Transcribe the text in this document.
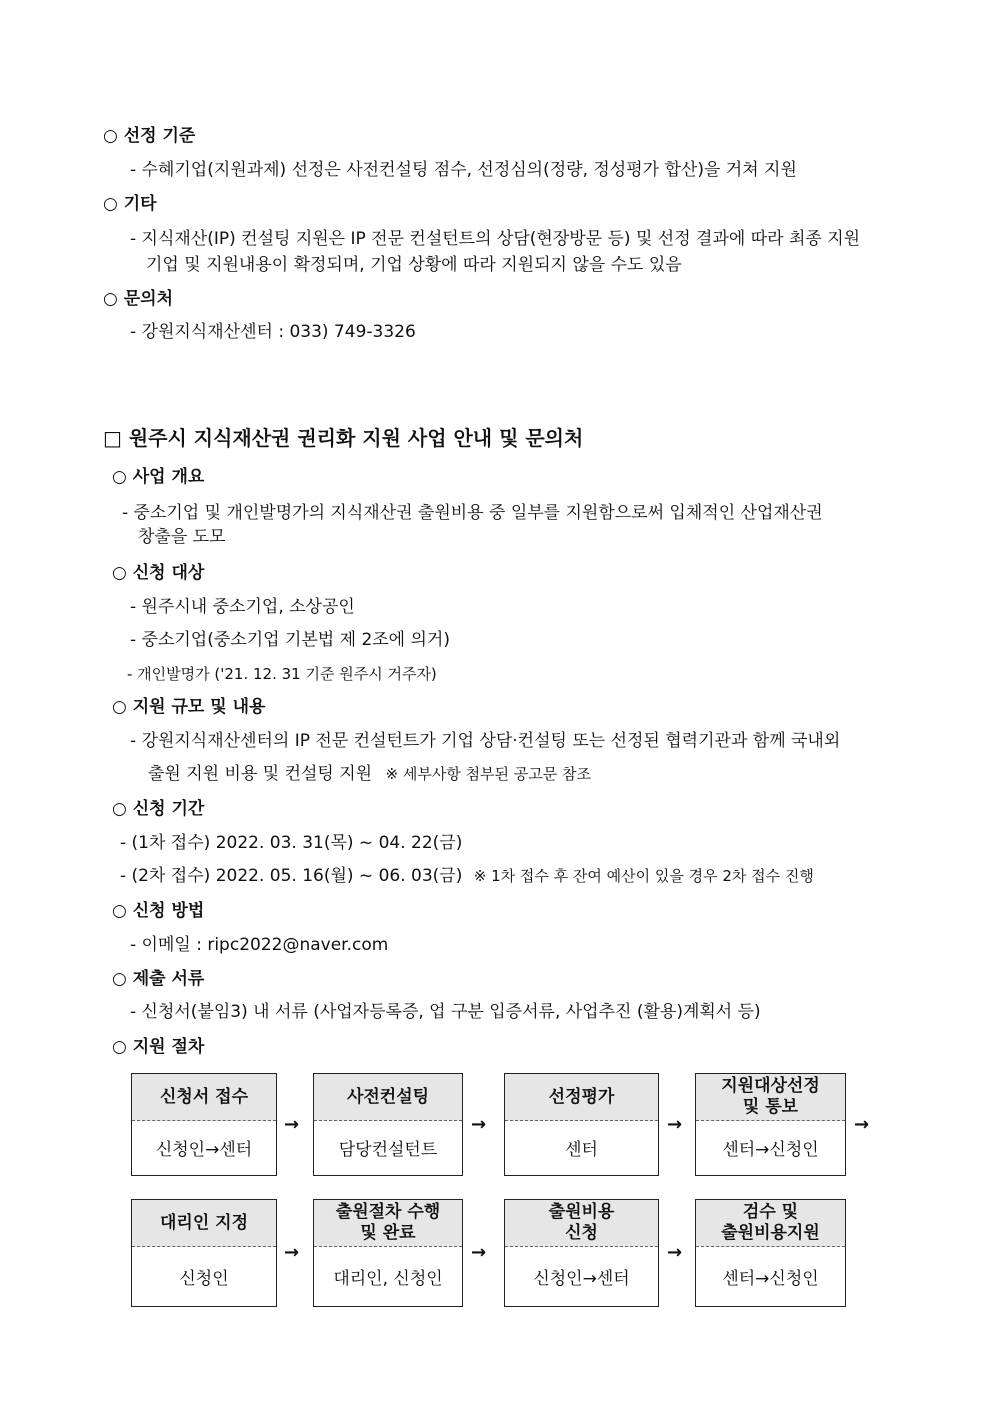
○ 선정 기준
- 수혜기업(지원과제) 선정은 사전컨설팅 점수, 선정심의(정량, 정성평가 합산)을 거쳐 지원
○ 기타
- 지식재산(IP) 컨설팅 지원은 IP 전문 컨설턴트의 상담(현장방문 등) 및 선정 결과에 따라 최종 지원
기업 및 지원내용이 확정되며, 기업 상황에 따라 지원되지 않을 수도 있음
○ 문의처
- 강원지식재산센터 : 033) 749-3326
□ 원주시 지식재산권 권리화 지원 사업 안내 및 문의처
○ 사업 개요
- 중소기업 및 개인발명가의 지식재산권 출원비용 중 일부를 지원함으로써 입체적인 산업재산권
창출을 도모
○ 신청 대상
- 원주시내 중소기업, 소상공인
- 중소기업(중소기업 기본법 제 2조에 의거)
- 개인발명가 ('21. 12. 31 기준 원주시 거주자)
○ 지원 규모 및 내용
- 강원지식재산센터의 IP 전문 컨설턴트가 기업 상담·컨설팅 또는 선정된 협력기관과 함께 국내외
출원 지원 비용 및 컨설팅 지원 ※ 세부사항 첨부된 공고문 참조
○ 신청 기간
- (1차 접수) 2022. 03. 31(목) ~ 04. 22(금)
- (2차 접수) 2022. 05. 16(월) ~ 06. 03(금) ※ 1차 접수 후 잔여 예산이 있을 경우 2차 접수 진행
○ 신청 방법
- 이메일 : ripc2022@naver.com
○ 제출 서류
- 신청서(붙임3) 내 서류 (사업자등록증, 업 구분 입증서류, 사업추진 (활용)계획서 등)
○ 지원 절차
신청서 접수
신청인→센터
→
사전컨설팅
담당컨설턴트
→
선정평가
센터
→
지원대상선정
및 통보
센터→신청인
→
대리인 지정
신청인
→
출원절차 수행
및 완료
대리인, 신청인
→
출원비용
신청
신청인→센터
→
검수 및
출원비용지원
센터→신청인
